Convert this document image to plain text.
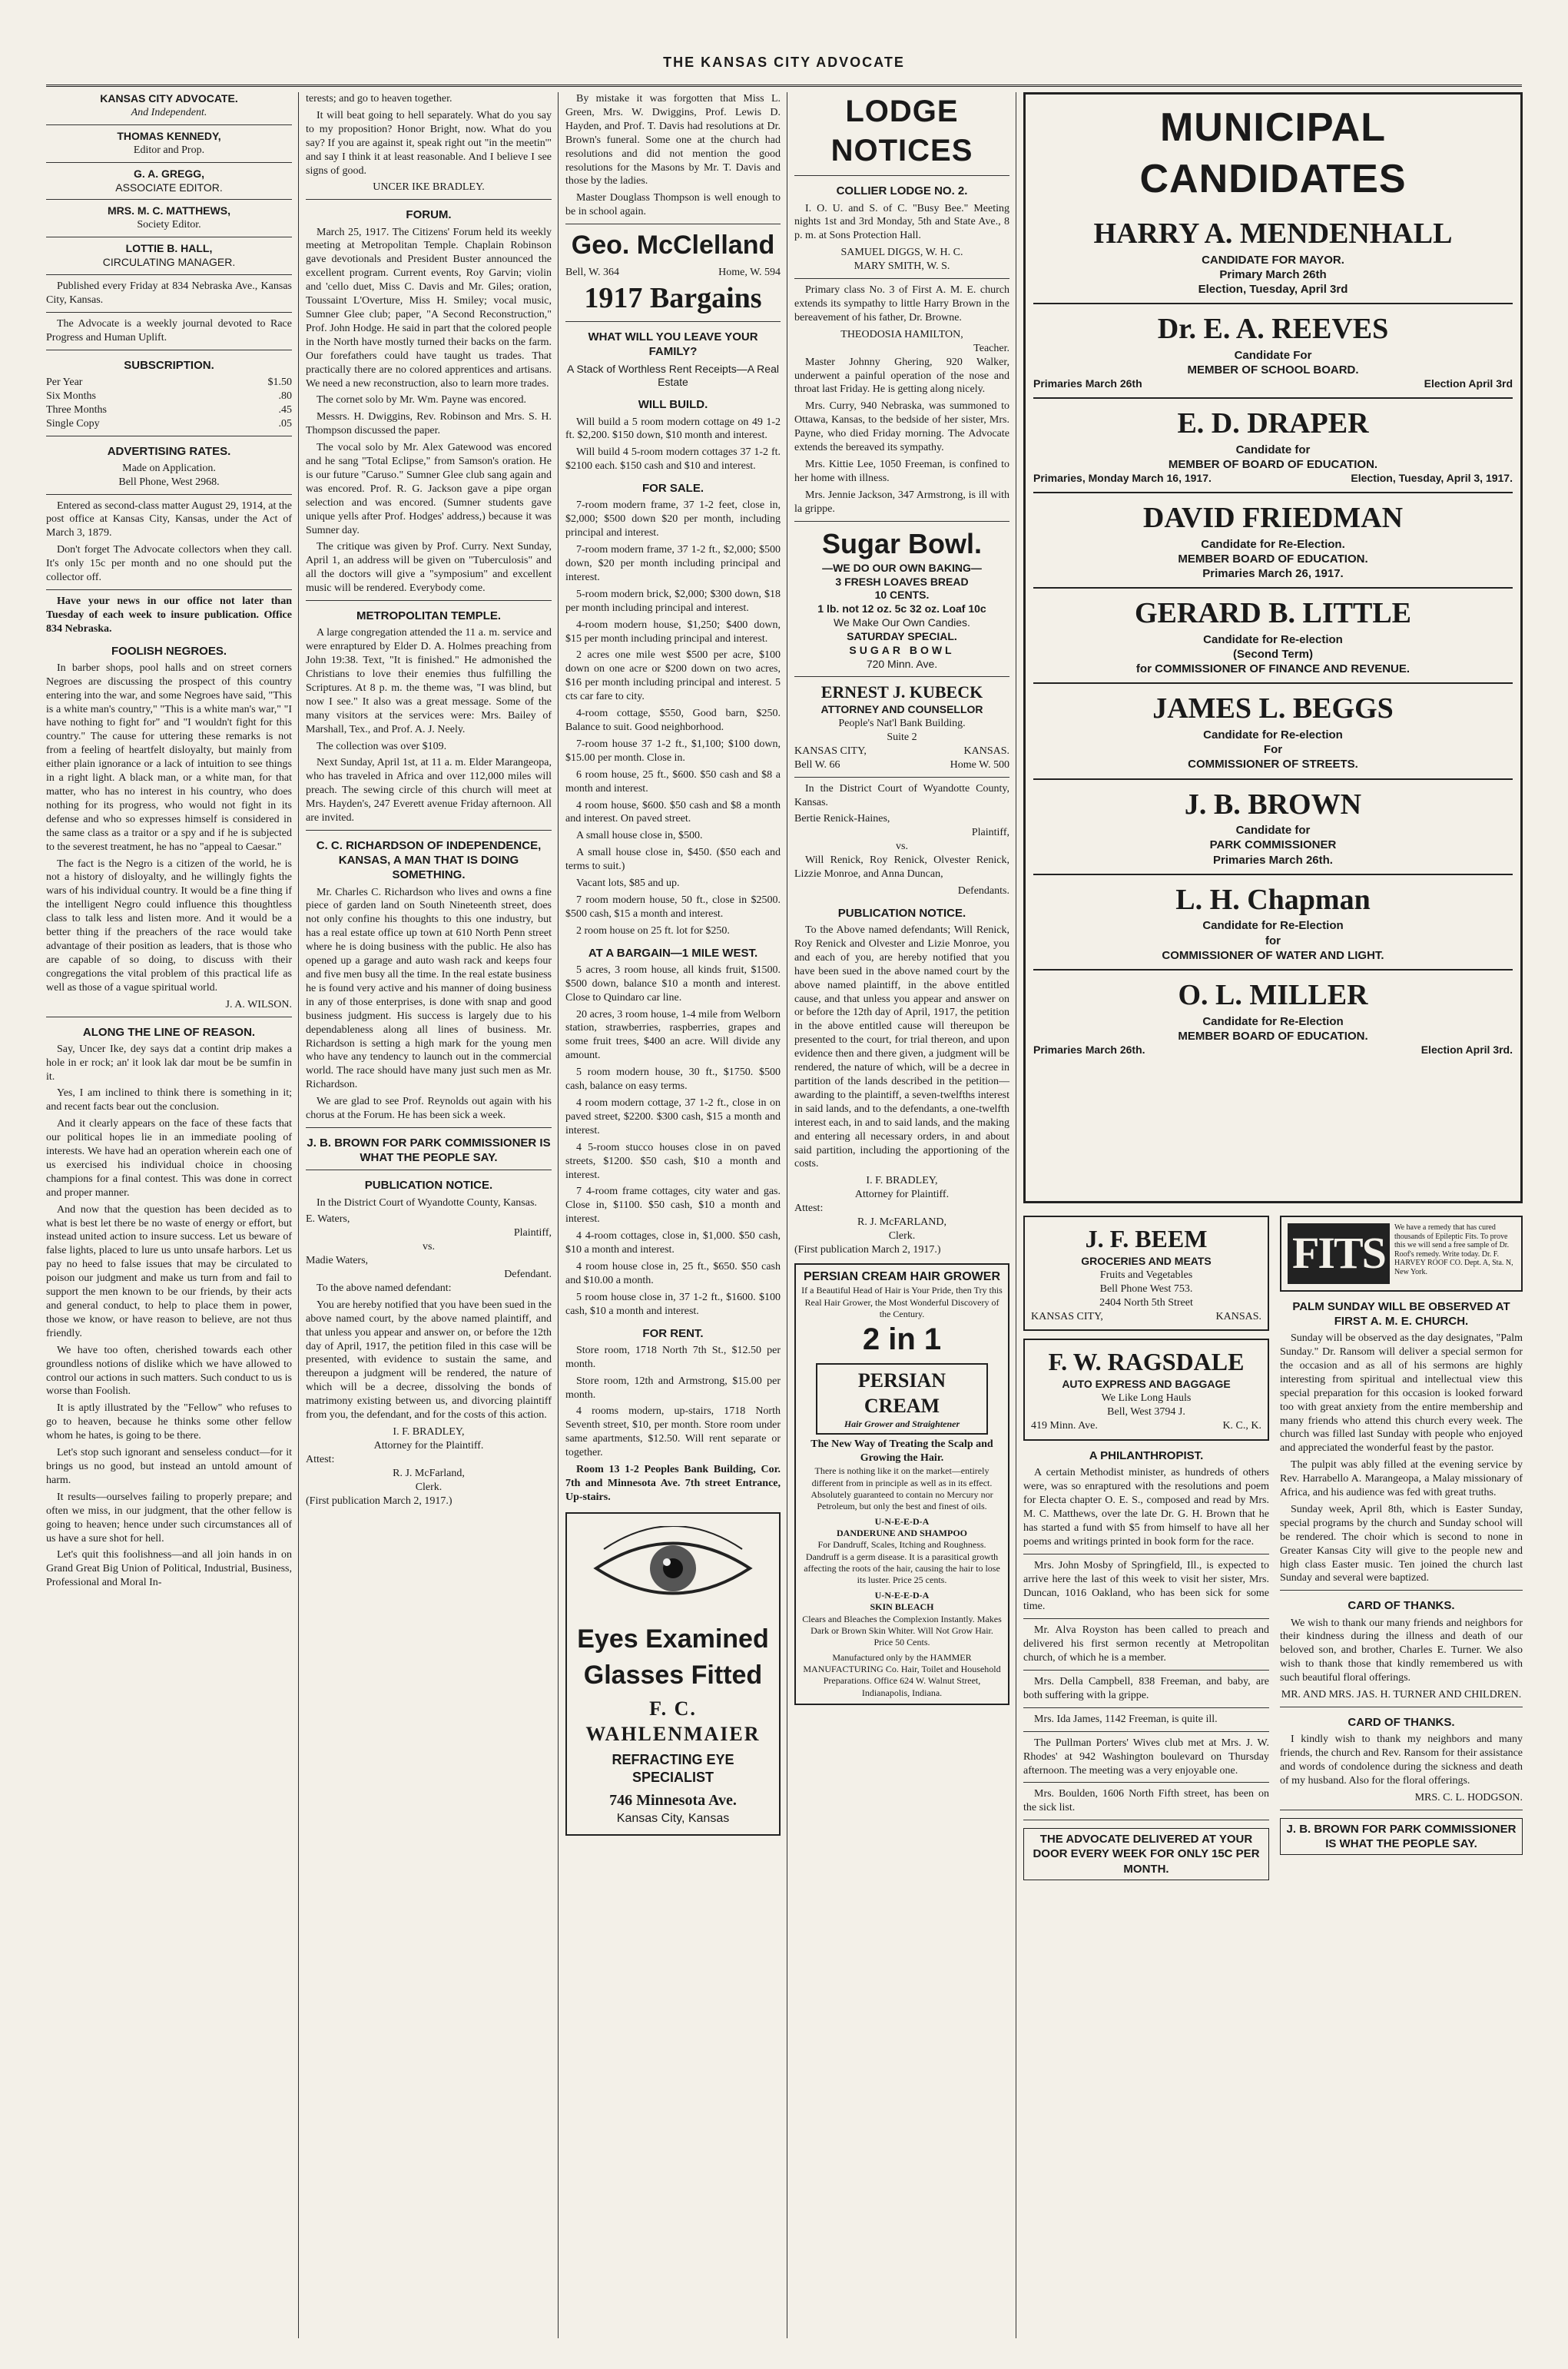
THE KANSAS CITY ADVOCATE
KANSAS CITY ADVOCATE.
And Independent.
THOMAS KENNEDY,
Editor and Prop.
G. A. GREGG,
ASSOCIATE EDITOR.
MRS. M. C. MATTHEWS,
Society Editor.
LOTTIE B. HALL,
CIRCULATING MANAGER.

Published every Friday at 834 Nebraska Ave., Kansas City, Kansas.

The Advocate is a weekly journal devoted to Race Progress and Human Uplift.

SUBSCRIPTION.
Per Year	$1.50
Six Months	.80
Three Months	.45
Single Copy	.05
ADVERTISING RATES.
Made on Application.
Bell Phone, West 2968.

Entered as second-class matter August 29, 1914, at the post office at Kansas City, Kansas, under the Act of March 3, 1879.

Don't forget The Advocate collectors when they call. It's only 15c per month and no one should put the collector off.

Have your news in our office not later than Tuesday of each week to insure publication. Office 834 Nebraska.

FOOLISH NEGROES.

In barber shops, pool halls and on street corners Negroes are discussing the prospect of this country entering into the war, and some Negroes have said, "This is a white man's country," "This is a white man's war," "I have nothing to fight for" and "I wouldn't fight for this country." The cause for uttering these remarks is not from a feeling of heartfelt disloyalty, but mainly from either plain ignorance or a lack of intuition to see things in a right light. A black man, or a white man, for that matter, who has no interest in his country, who does nothing for its progress, who would not fight in its defense and who so expresses himself is considered in the same class as a traitor or a spy and if he is subjected to the severest treatment, he has no "appeal to Caesar."

The fact is the Negro is a citizen of the world, he is not a history of disloyalty, and he willingly fights the wars of his individual country. It would be a fine thing if the intelligent Negro could influence this thoughtless class to talk less and listen more. And it would be a better thing if the preachers of the race would take advantage of their position as leaders, that is those who are capable of so doing, to discuss with their congregations the vital problem of this practical life as well as those of a vague spiritual world.

J. A. WILSON.
ALONG THE LINE OF REASON.

Say, Uncer Ike, dey says dat a contint drip makes a hole in er rock; an' it look lak dar mout be be sumfin in it.

Yes, I am inclined to think there is something in it; and recent facts bear out the conclusion.

And it clearly appears on the face of these facts that our political hopes lie in an immediate pooling of interests. We have had an operation wherein each one of us exercised his individual choice in choosing champions for a final contest. This was done in correct and proper manner.

And now that the question has been decided as to what is best let there be no waste of energy or effort, but instead united action to insure success. Let us beware of false lights, placed to lure us unto unsafe harbors. Let us pay no heed to false issues that may be circulated to poison our judgment and make us turn from and fail to support the men known to be our friends, by their acts and general conduct, to help to place them in power, those we know, or have reason to believe, are not thus friendly.

We have too often, cherished towards each other groundless notions of dislike which we have allowed to control our actions in such matters. Such conduct to us is worse than Foolish.

It is aptly illustrated by the "Fellow" who refuses to go to heaven, because he thinks some other fellow whom he hates, is going to be there.

Let's stop such ignorant and senseless conduct—for it brings us no good, but instead an untold amount of harm.

It results—ourselves failing to properly prepare; and often we miss, in our judgment, that the other fellow is going to heaven; hence under such circumstances all of us have a sure shot for hell.

Let's quit this foolishness—and all join hands in on Grand Great Big Union of Political, Industrial, Business, Professional and Moral In-

terests; and go to heaven together.

It will beat going to hell separately. What do you say to my proposition? Honor Bright, now. What do you say? If you are against it, speak right out "in the meetin'" and say I think it at least reasonable. And I believe I see signs of good.

UNCER IKE BRADLEY.
FORUM.

March 25, 1917. The Citizens' Forum held its weekly meeting at Metropolitan Temple. Chaplain Robinson gave devotionals and President Buster announced the excellent program. Current events, Roy Garvin; violin and 'cello duet, Miss C. Davis and Mr. Giles; oration, Toussaint L'Overture, Miss H. Smiley; vocal music, Sumner Glee club; paper, "A Second Reconstruction," Prof. John Hodge. He said in part that the colored people in the North have mostly turned their backs on the farm. Our forefathers could have taught us trades. That practically there are no colored apprentices and artisans. We need a new reconstruction, also to learn more trades.

The cornet solo by Mr. Wm. Payne was encored.

Messrs. H. Dwiggins, Rev. Robinson and Mrs. S. H. Thompson discussed the paper.

The vocal solo by Mr. Alex Gatewood was encored and he sang "Total Eclipse," from Samson's oration. He is our future "Caruso." Sumner Glee club sang again and was encored. Prof. R. G. Jackson gave a pipe organ selection and was encored. (Sumner students gave unique yells after Prof. Hodges' address,) because it was Sumner day.

The critique was given by Prof. Curry. Next Sunday, April 1, an address will be given on "Tuberculosis" and all the doctors will give a "symposium" and excellent music will be rendered. Everybody come.

METROPOLITAN TEMPLE.

A large congregation attended the 11 a. m. service and were enraptured by Elder D. A. Holmes preaching from John 19:38. Text, "It is finished." He admonished the Christians to love their enemies thus fulfilling the Scriptures. At 8 p. m. the theme was, "I was blind, but now I see." It also was a great message. Some of the many visitors at the services were: Mrs. Bailey of Marshall, Tex., and Prof. A. J. Neely.

The collection was over $109.

Next Sunday, April 1st, at 11 a. m. Elder Marangeopa, who has traveled in Africa and over 112,000 miles will preach. The sewing circle of this church will meet at Mrs. Hayden's, 247 Everett avenue Friday afternoon. All are invited.

C. C. RICHARDSON OF INDEPENDENCE, KANSAS, A MAN THAT IS DOING SOMETHING.

Mr. Charles C. Richardson who lives and owns a fine piece of garden land on South Nineteenth street, does not only confine his thoughts to this one industry, but has a real estate office up town at 610 North Penn street where he is doing business with the public. He also has opened up a garage and auto wash rack and keeps four and five men busy all the time. In the real estate business he is found very active and his manner of doing business in any of those enterprises, is done with snap and good business judgment. His success is largely due to his dependableness along all lines of business. Mr. Richardson is setting a high mark for the young men who have any tendency to launch out in the commercial world. The race should have many just such men as Mr. Richardson.

We are glad to see Prof. Reynolds out again with his chorus at the Forum. He has been sick a week.

J. B. BROWN FOR PARK COMMISSIONER IS WHAT THE PEOPLE SAY.
PUBLICATION NOTICE.

In the District Court of Wyandotte County, Kansas.

E. Waters,
Plaintiff,
vs.
Madie Waters,
Defendant.

To the above named defendant:

You are hereby notified that you have been sued in the above named court, by the above named plaintiff, and that unless you appear and answer on, or before the 12th day of April, 1917, the petition filed in this case will be presented, with evidence to sustain the same, and thereupon a judgment will be rendered, the nature of which will be a decree, dissolving the bonds of matrimony existing between us, and divorcing plaintiff from you, the defendant, and for the costs of this action.

I. F. BRADLEY,
Attorney for the Plaintiff.
Attest:
R. J. McFarland,
Clerk.
(First publication March 2, 1917.)

By mistake it was forgotten that Miss L. Green, Mrs. W. Dwiggins, Prof. Lewis D. Hayden, and Prof. T. Davis had resolutions at Dr. Brown's funeral. Some one at the church had resolutions and did not mention the good resolutions for the Masons by Mr. T. Davis and those by the ladies.

Master Douglass Thompson is well enough to be in school again.

Geo. McClelland
Bell, W. 364	Home, W. 594
1917 Bargains
WHAT WILL YOU LEAVE YOUR FAMILY?
A Stack of Worthless Rent Receipts—A Real Estate
WILL BUILD.

Will build a 5 room modern cottage on 49 1-2 ft. $2,200. $150 down, $10 month and interest.

Will build 4 5-room modern cottages 37 1-2 ft. $2100 each. $150 cash and $10 and interest.

FOR SALE.

7-room modern frame, 37 1-2 feet, close in, $2,000; $500 down $20 per month, including principal and interest.

7-room modern frame, 37 1-2 ft., $2,000; $500 down, $20 per month including principal and interest.

5-room modern brick, $2,000; $300 down, $18 per month including principal and interest.

4-room modern house, $1,250; $400 down, $15 per month including principal and interest.

2 acres one mile west $500 per acre, $100 down on one acre or $200 down on two acres, $16 per month including principal and interest. 5 cts car fare to city.

4-room cottage, $550, Good barn, $250. Balance to suit. Good neighborhood.

7-room house 37 1-2 ft., $1,100; $100 down, $15.00 per month. Close in.

6 room house, 25 ft., $600. $50 cash and $8 a month and interest.

4 room house, $600. $50 cash and $8 a month and interest. On paved street.

A small house close in, $500.

A small house close in, $450. ($50 each and terms to suit.)

Vacant lots, $85 and up.

7 room modern house, 50 ft., close in $2500. $500 cash, $15 a month and interest.

2 room house on 25 ft. lot for $250.

AT A BARGAIN—1 MILE WEST.

5 acres, 3 room house, all kinds fruit, $1500. $500 down, balance $10 a month and interest. Close to Quindaro car line.

20 acres, 3 room house, 1-4 mile from Welborn station, strawberries, raspberries, grapes and some fruit trees, $400 an acre. Will divide any amount.

5 room modern house, 30 ft., $1750. $500 cash, balance on easy terms.

4 room modern cottage, 37 1-2 ft., close in on paved street, $2200. $300 cash, $15 a month and interest.

4 5-room stucco houses close in on paved streets, $1200. $50 cash, $10 a month and interest.

7 4-room frame cottages, city water and gas. Close in, $1100. $50 cash, $10 a month and interest.

4 4-room cottages, close in, $1,000. $50 cash, $10 a month and interest.

4 room house close in, 25 ft., $650. $50 cash and $10.00 a month.

5 room house close in, 37 1-2 ft., $1600. $100 cash, $10 a month and interest.

FOR RENT.

Store room, 1718 North 7th St., $12.50 per month.

Store room, 12th and Armstrong, $15.00 per month.

4 rooms modern, up-stairs, 1718 North Seventh street, $10, per month. Store room under same apartments, $12.50. Will rent separate or together.

Room 13 1-2 Peoples Bank Building, Cor. 7th and Minnesota Ave. 7th street Entrance, Up-stairs.

Eyes Examined
Glasses Fitted
F. C. WAHLENMAIER
REFRACTING EYE SPECIALIST
746 Minnesota Ave.
Kansas City, Kansas
LODGE NOTICES
COLLIER LODGE NO. 2.

I. O. U. and S. of C. "Busy Bee." Meeting nights 1st and 3rd Monday, 5th and State Ave., 8 p. m. at Sons Protection Hall.

SAMUEL DIGGS, W. H. C.
MARY SMITH, W. S.

Primary class No. 3 of First A. M. E. church extends its sympathy to little Harry Brown in the bereavement of his father, Dr. Browne.

THEODOSIA HAMILTON,
Teacher.

Master Johnny Ghering, 920 Walker, underwent a painful operation of the nose and throat last Friday. He is getting along nicely.

Mrs. Curry, 940 Nebraska, was summoned to Ottawa, Kansas, to the bedside of her sister, Mrs. Payne, who died Friday morning. The Advocate extends the bereaved its sympathy.

Mrs. Kittie Lee, 1050 Freeman, is confined to her home with illness.

Mrs. Jennie Jackson, 347 Armstrong, is ill with la grippe.

Sugar Bowl.
—WE DO OUR OWN BAKING—
3 FRESH LOAVES BREAD
10 CENTS.
1 lb. not 12 oz. 5c 32 oz. Loaf 10c
We Make Our Own Candies.
SATURDAY SPECIAL.
SUGAR BOWL
720 Minn. Ave.
ERNEST J. KUBECK
ATTORNEY AND COUNSELLOR
People's Nat'l Bank Building.
Suite 2
KANSAS CITY,	KANSAS.
Bell W. 66	Home W. 500

In the District Court of Wyandotte County, Kansas.

Bertie Renick-Haines,
Plaintiff,
vs.

Will Renick, Roy Renick, Olvester Renick, Lizzie Monroe, and Anna Duncan,

Defendants.
PUBLICATION NOTICE.

To the Above named defendants; Will Renick, Roy Renick and Olvester and Lizie Monroe, you and each of you, are hereby notified that you have been sued in the above named court by the above named plaintiff, in the above entitled cause, and that unless you appear and answer on or before the 12th day of April, 1917, the petition in the above entitled cause will thereupon be presented to the court, for trial thereon, and upon evidence then and there given, a judgment will be rendered, the nature of which, will be a decree in partition of the lands described in the petition—awarding to the plaintiff, a seven-twelfths interest in said lands, and to the defendants, a one-twelfth interest each, in and to said lands, and the making and entering all necessary orders, in and about said partition, including the apportioning of the costs.

I. F. BRADLEY,
Attorney for Plaintiff.
Attest:
R. J. McFARLAND,
Clerk.
(First publication March 2, 1917.)
PERSIAN CREAM HAIR GROWER
If a Beautiful Head of Hair is Your Pride, then Try this Real Hair Grower, the Most Wonderful Discovery of the Century.
2 in 1
PERSIAN CREAM
Hair Grower and Straightener
The New Way of Treating the Scalp and Growing the Hair.
There is nothing like it on the market—entirely different from in principle as well as in its effect. Absolutely guaranteed to contain no Mercury nor Petroleum, but only the best and finest of oils.
U-N-E-E-D-A
DANDERUNE AND SHAMPOO
For Dandruff, Scales, Itching and Roughness. Dandruff is a germ disease. It is a parasitical growth affecting the roots of the hair, causing the hair to lose its luster. Price 25 cents.
U-N-E-E-D-A
SKIN BLEACH
Clears and Bleaches the Complexion Instantly. Makes Dark or Brown Skin Whiter. Will Not Grow Hair. Price 50 Cents.
Manufactured only by the HAMMER MANUFACTURING Co. Hair, Toilet and Household Preparations. Office 624 W. Walnut Street, Indianapolis, Indiana.
MUNICIPAL CANDIDATES
HARRY A. MENDENHALL
CANDIDATE FOR MAYOR.
Primary March 26th
Election, Tuesday, April 3rd
Dr. E. A. REEVES
Candidate For
MEMBER OF SCHOOL BOARD.
Primaries March 26th	Election April 3rd
E. D. DRAPER
Candidate for
MEMBER OF BOARD OF EDUCATION.
Primaries, Monday March 16, 1917.	Election, Tuesday, April 3, 1917.
DAVID FRIEDMAN
Candidate for Re-Election.
MEMBER BOARD OF EDUCATION.
Primaries March 26, 1917.
GERARD B. LITTLE
Candidate for Re-election
(Second Term)
for COMMISSIONER OF FINANCE AND REVENUE.
JAMES L. BEGGS
Candidate for Re-election
For
COMMISSIONER OF STREETS.
J. B. BROWN
Candidate for
PARK COMMISSIONER
Primaries March 26th.
L. H. Chapman
Candidate for Re-Election
for
COMMISSIONER OF WATER AND LIGHT.
O. L. MILLER
Candidate for Re-Election
MEMBER BOARD OF EDUCATION.
Primaries March 26th.	Election April 3rd.
J. F. BEEM
GROCERIES AND MEATS
Fruits and Vegetables
Bell Phone West 753.
2404 North 5th Street
KANSAS CITY,	KANSAS.
F. W. RAGSDALE
AUTO EXPRESS AND BAGGAGE
We Like Long Hauls
Bell, West 3794 J.
419 Minn. Ave.	K. C., K.
A PHILANTHROPIST.

A certain Methodist minister, as hundreds of others were, was so enraptured with the resolutions and poem for Electa chapter O. E. S., composed and read by Mrs. M. C. Matthews, over the late Dr. G. H. Brown that he has started a fund with $5 from himself to have all her poems and writings printed in book form for the race.

Mrs. John Mosby of Springfield, Ill., is expected to arrive here the last of this week to visit her sister, Mrs. Duncan, 1016 Oakland, who has been sick for some time.

Mr. Alva Royston has been called to preach and delivered his first sermon recently at Metropolitan church, of which he is a member.

Mrs. Della Campbell, 838 Freeman, and baby, are both suffering with la grippe.

Mrs. Ida James, 1142 Freeman, is quite ill.

The Pullman Porters' Wives club met at Mrs. J. W. Rhodes' at 942 Washington boulevard on Thursday afternoon. The meeting was a very enjoyable one.

Mrs. Boulden, 1606 North Fifth street, has been on the sick list.

THE ADVOCATE DELIVERED AT YOUR DOOR EVERY WEEK FOR ONLY 15C PER MONTH.
FITS
We have a remedy that has cured thousands of Epileptic Fits. To prove this we will send a free sample of Dr. Roof's remedy. Write today. Dr. F. HARVEY ROOF CO. Dept. A, Sta. N, New York.
PALM SUNDAY WILL BE OBSERVED AT FIRST A. M. E. CHURCH.

Sunday will be observed as the day designates, "Palm Sunday." Dr. Ransom will deliver a special sermon for the occasion and as all of his sermons are highly interesting from spiritual and intellectual view this special preparation for this occasion is looked forward too with great anxiety from the entire membership and many friends who attend this church every week. The church was filled last Sunday with people who enjoyed and appreciated the wonderful feast by the pastor.

The pulpit was ably filled at the evening service by Rev. Harrabello A. Marangeopa, a Malay missionary of Africa, and his audience was fed with great truths.

Sunday week, April 8th, which is Easter Sunday, special programs by the church and Sunday school will be rendered. The choir which is second to none in Greater Kansas City will give to the people new and high class Easter music. Ten joined the church last Sunday and several were baptized.

CARD OF THANKS.

We wish to thank our many friends and neighbors for their kindness during the illness and death of our beloved son, and brother, Charles E. Turner. We also wish to thank those that kindly remembered us with such beautiful floral offerings.

MR. AND MRS. JAS. H. TURNER AND CHILDREN.
CARD OF THANKS.

I kindly wish to thank my neighbors and many friends, the church and Rev. Ransom for their assistance and words of condolence during the sickness and death of my husband. Also for the floral offerings.

MRS. C. L. HODGSON.
J. B. BROWN FOR PARK COMMISSIONER IS WHAT THE PEOPLE SAY.
